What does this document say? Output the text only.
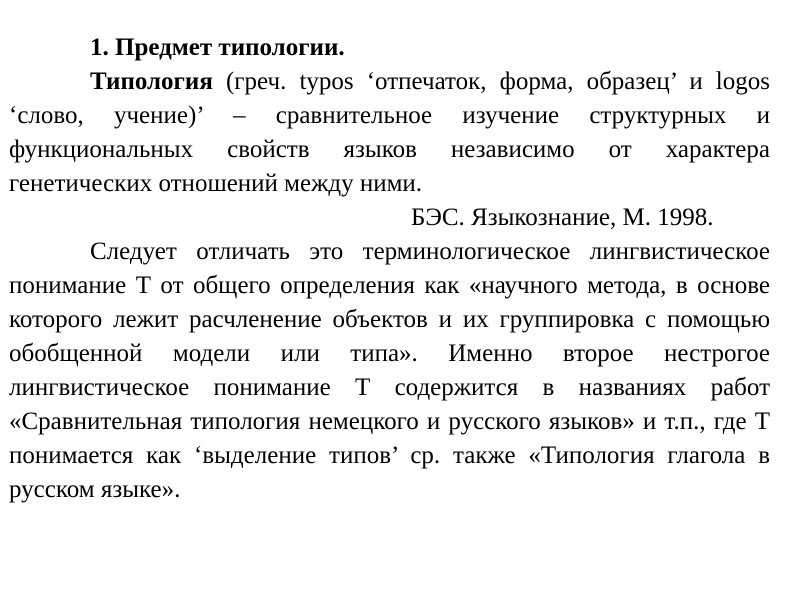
1. Предмет типологии.

Типология (греч. typos ‘отпечаток, форма, образец’ и logos ‘слово, учение)’ – сравнительное изучение структурных и функциональных свойств языков независимо от характера генетических отношений между ними.

БЭС. Языкознание, М. 1998.

Следует отличать это терминологическое лингвистическое понимание Т от общего определения как «научного метода, в основе которого лежит расчленение объектов и их группировка с помощью обобщенной модели или типа». Именно второе нестрогое лингвистическое понимание Т содержится в названиях работ «Сравнительная типология немецкого и русского языков» и т.п., где Т понимается как ‘выделение типов’ ср. также «Типология глагола в русском языке».
